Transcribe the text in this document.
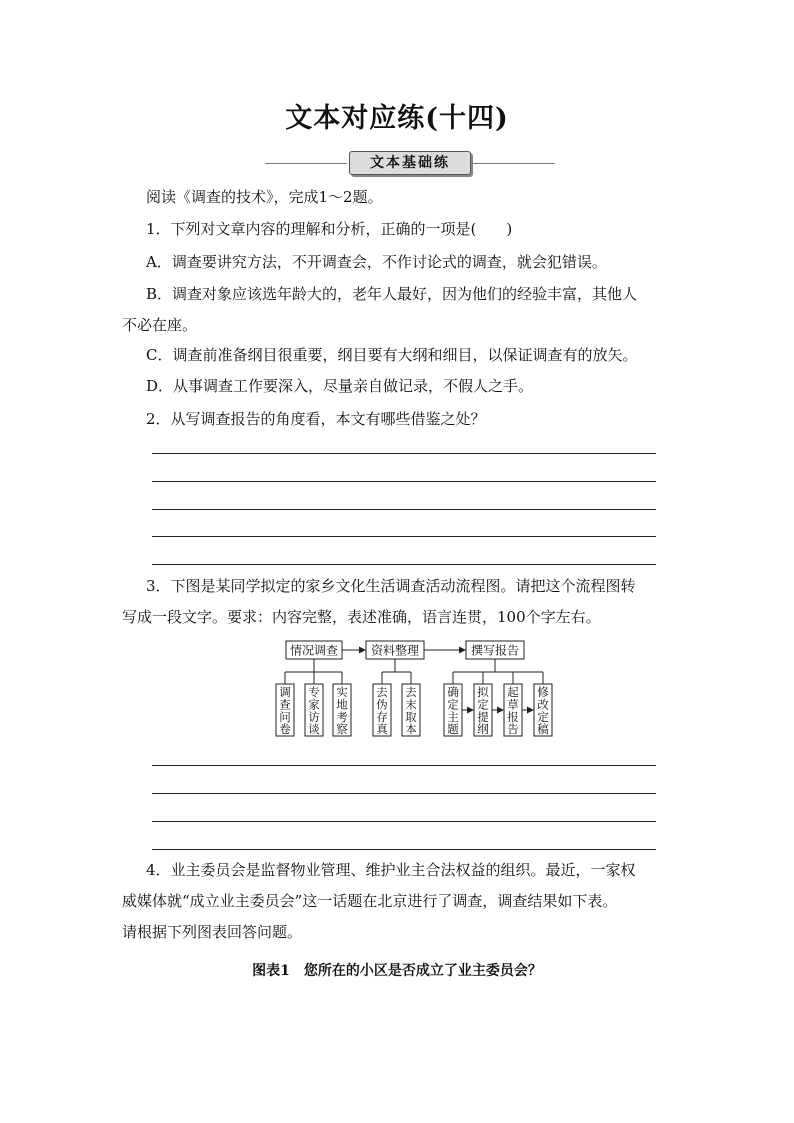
文本对应练(十四)
文本基础练
阅读《调查的技术》，完成1～2题。
1．下列对文章内容的理解和分析，正确的一项是(　　)
A．调查要讲究方法，不开调查会，不作讨论式的调查，就会犯错误。
B．调查对象应该选年龄大的，老年人最好，因为他们的经验丰富，其他人
不必在座。
C．调查前准备纲目很重要，纲目要有大纲和细目，以保证调查有的放矢。
D．从事调查工作要深入，尽量亲自做记录，不假人之手。
2．从写调查报告的角度看，本文有哪些借鉴之处？
3．下图是某同学拟定的家乡文化生活调查活动流程图。请把这个流程图转
写成一段文字。要求：内容完整，表述准确，语言连贯，100个字左右。
情况调查
调查问卷
专家访谈
实地考察
资料整理
去伪存真
去末取本
撰写报告
确定主题
拟定提纲
起草报告
修改定稿
4．业主委员会是监督物业管理、维护业主合法权益的组织。最近，一家权
威媒体就“成立业主委员会”这一话题在北京进行了调查，调查结果如下表。
请根据下列图表回答问题。
图表1　您所在的小区是否成立了业主委员会？
